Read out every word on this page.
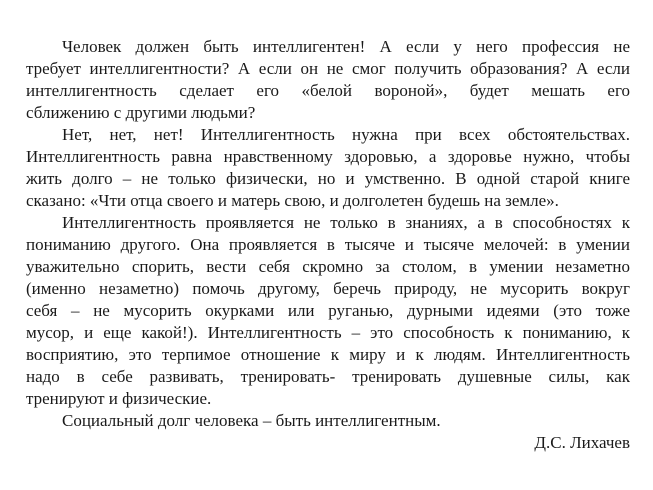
Человек должен быть интеллигентен! А если у него профессия не
требует интеллигентности? А если он не смог получить образования? А если
интеллигентность сделает его «белой вороной», будет мешать его
сближению с другими людьми?
Нет, нет, нет! Интеллигентность нужна при всех обстоятельствах.
Интеллигентность равна нравственному здоровью, а здоровье нужно, чтобы
жить долго – не только физически, но и умственно. В одной старой книге
сказано: «Чти отца своего и матерь свою, и долголетен будешь на земле».
Интеллигентность проявляется не только в знаниях, а в способностях к
пониманию другого. Она проявляется в тысяче и тысяче мелочей: в умении
уважительно спорить, вести себя скромно за столом, в умении незаметно
(именно незаметно) помочь другому, беречь природу, не мусорить вокруг
себя – не мусорить окурками или руганью, дурными идеями (это тоже
мусор, и еще какой!). Интеллигентность – это способность к пониманию, к
восприятию, это терпимое отношение к миру и к людям. Интеллигентность
надо в себе развивать, тренировать- тренировать душевные силы, как
тренируют и физические.
Социальный долг человека – быть интеллигентным.
Д.С. Лихачев
